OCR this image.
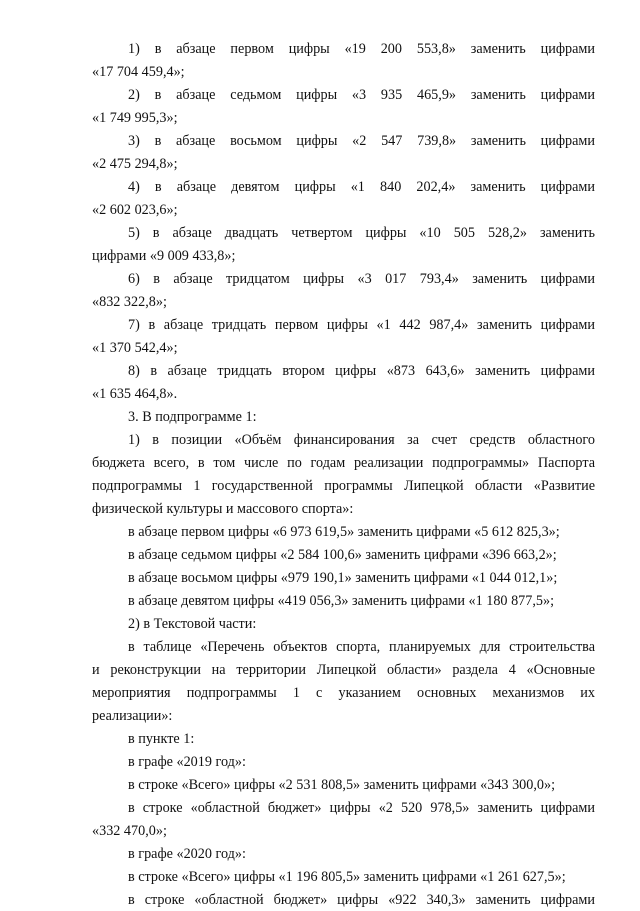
1) в абзаце первом цифры «19 200 553,8» заменить цифрами
«17 704 459,4»;
2) в абзаце седьмом цифры «3 935 465,9» заменить цифрами
«1 749 995,3»;
3) в абзаце восьмом цифры «2 547 739,8» заменить цифрами
«2 475 294,8»;
4) в абзаце девятом цифры «1 840 202,4» заменить цифрами
«2 602 023,6»;
5) в абзаце двадцать четвертом цифры «10 505 528,2» заменить
цифрами «9 009 433,8»;
6) в абзаце тридцатом цифры «3 017 793,4» заменить цифрами
«832 322,8»;
7) в абзаце тридцать первом цифры «1 442 987,4» заменить цифрами
«1 370 542,4»;
8) в абзаце тридцать втором цифры «873 643,6» заменить цифрами
«1 635 464,8».
3. В подпрограмме 1:
1) в позиции «Объём финансирования за счет средств областного
бюджета всего, в том числе по годам реализации подпрограммы» Паспорта
подпрограммы 1 государственной программы Липецкой области «Развитие
физической культуры и массового спорта»:
в абзаце первом цифры «6 973 619,5» заменить цифрами «5 612 825,3»;
в абзаце седьмом цифры «2 584 100,6» заменить цифрами «396 663,2»;
в абзаце восьмом цифры «979 190,1» заменить цифрами «1 044 012,1»;
в абзаце девятом цифры «419 056,3» заменить цифрами «1 180 877,5»;
2) в Текстовой части:
в таблице «Перечень объектов спорта, планируемых для строительства
и реконструкции на территории Липецкой области» раздела 4 «Основные
мероприятия подпрограммы 1 с указанием основных механизмов их
реализации»:
в пункте 1:
в графе «2019 год»:
в строке «Всего» цифры «2 531 808,5» заменить цифрами «343 300,0»;
в строке «областной бюджет» цифры «2 520 978,5» заменить цифрами
«332 470,0»;
в графе «2020 год»:
в строке «Всего» цифры «1 196 805,5» заменить цифрами «1 261 627,5»;
в строке «областной бюджет» цифры «922 340,3» заменить цифрами
